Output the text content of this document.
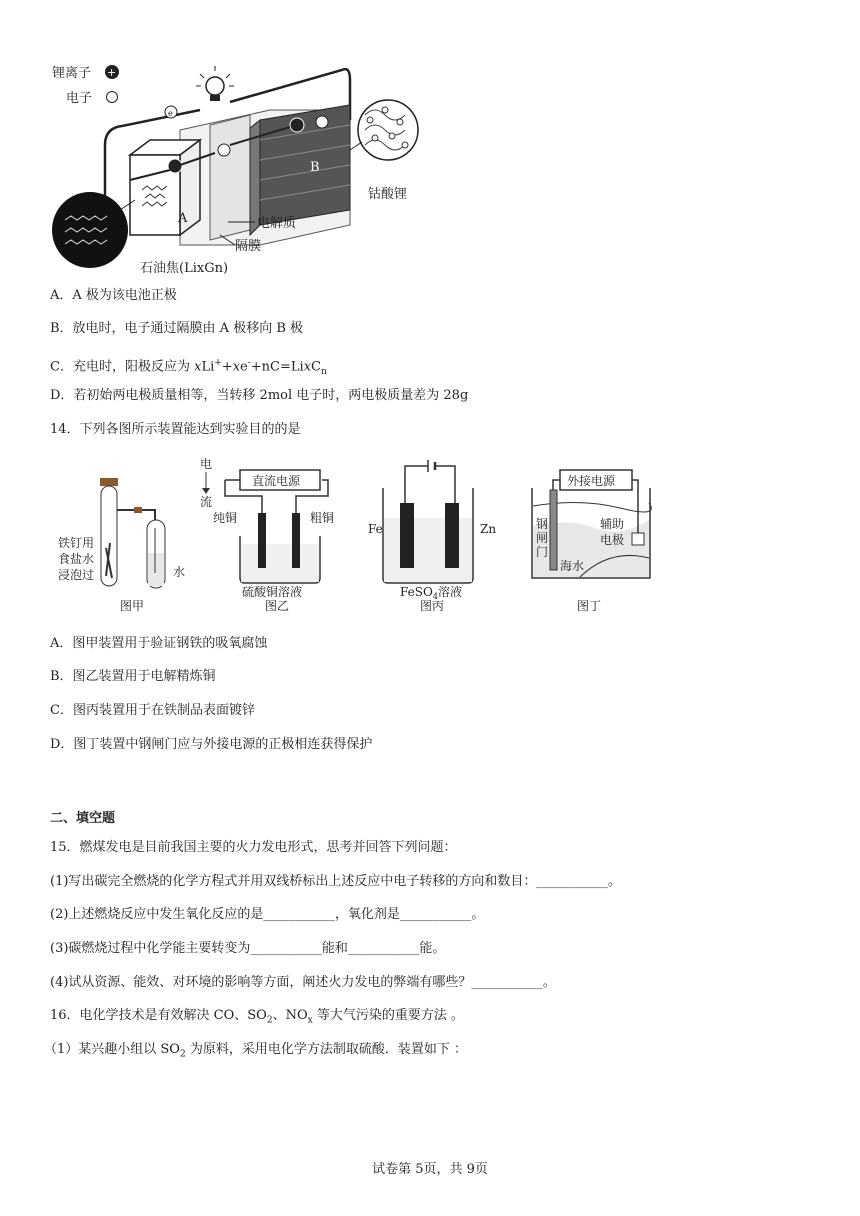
锂离子 +
电子
e
B
A
钴酸锂
电解质
隔膜
石油焦(LixGn)
A．A 极为该电池正极
B．放电时，电子通过隔膜由 A 极移向 B 极
C．充电时，阳极反应为 xLi++xe-+nC=LixC$_n$
D．若初始两电极质量相等，当转移 2mol 电子时，两电极质量差为 28g
14．下列各图所示装置能达到实验目的的是
铁钉用
食盐水
浸泡过	水
图甲
直流电源
电
流
纯铜	粗铜
硫酸铜溶液
图乙
Fe	Zn
FeSO$_4$溶液
图丙
外接电源
钢
闸
门
辅助
电极
海水
图丁
A．图甲装置用于验证钢铁的吸氧腐蚀
B．图乙装置用于电解精炼铜
C．图丙装置用于在铁制品表面镀锌
D．图丁装置中钢闸门应与外接电源的正极相连获得保护
二、填空题
15．燃煤发电是目前我国主要的火力发电形式，思考并回答下列问题：
(1)写出碳完全燃烧的化学方程式并用双线桥标出上述反应中电子转移的方向和数目：___________。
(2)上述燃烧反应中发生氧化反应的是___________，氧化剂是___________。
(3)碳燃烧过程中化学能主要转变为___________能和___________能。
(4)试从资源、能效、对环境的影响等方面，阐述火力发电的弊端有哪些？___________。
16．电化学技术是有效解决 CO、$SO_2$、$NO_x$ 等大气污染的重要方法 。
（1）某兴趣小组以 $SO_2$ 为原料，采用电化学方法制取硫酸．装置如下 ：
试卷第 5页，共 9页
